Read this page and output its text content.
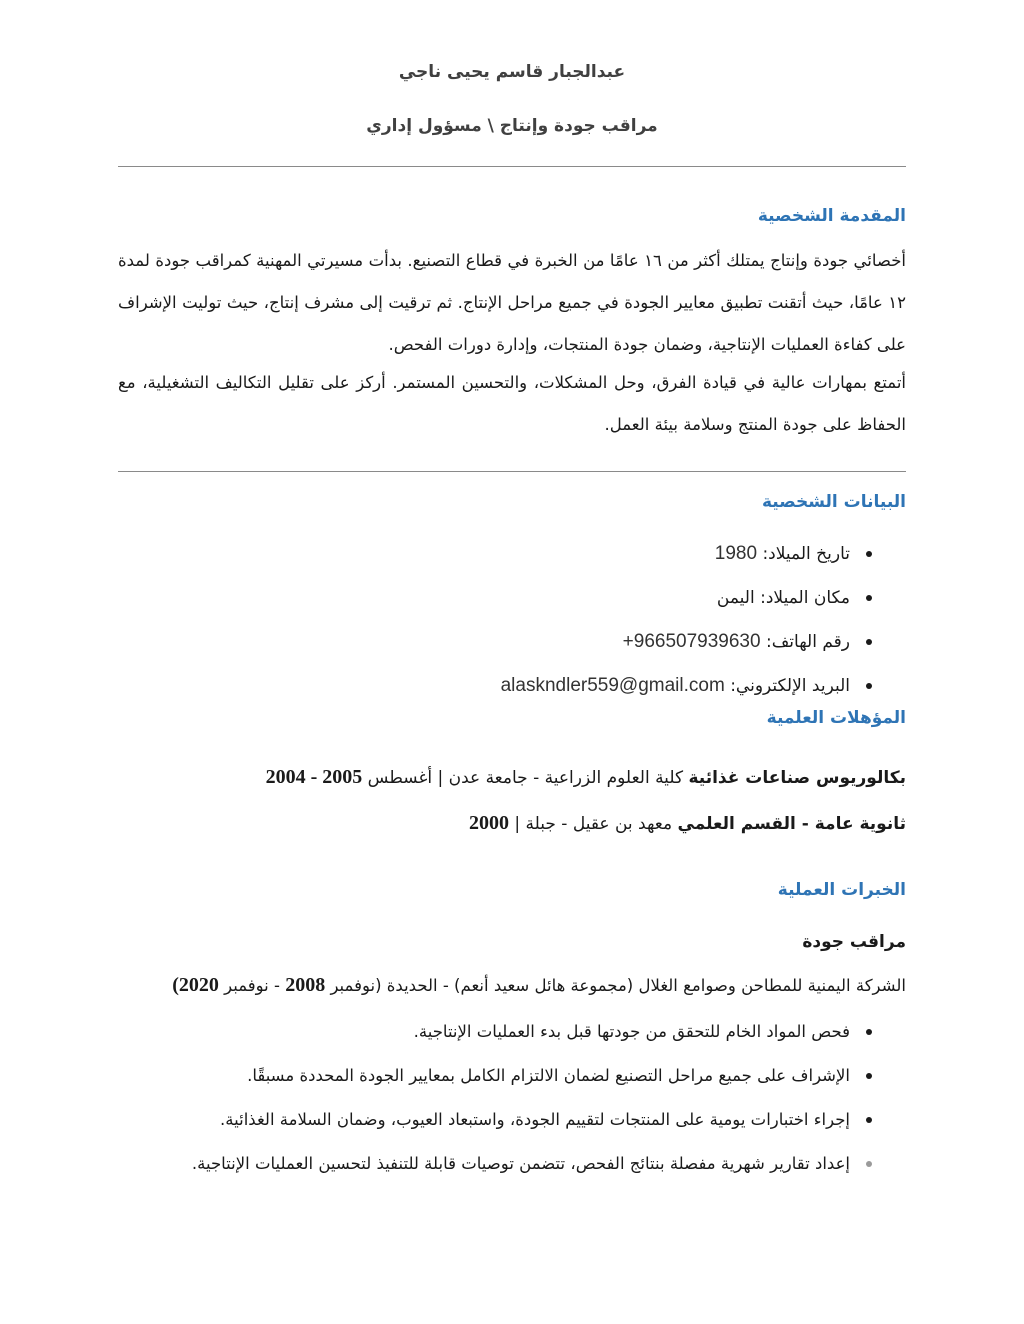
عبدالجبار قاسم يحيى ناجي
مراقب جودة وإنتاج \ مسؤول إداري
المقدمة الشخصية
أخصائي جودة وإنتاج يمتلك أكثر من ١٦ عامًا من الخبرة في قطاع التصنيع. بدأت مسيرتي المهنية كمراقب جودة لمدة ١٢ عامًا، حيث أتقنت تطبيق معايير الجودة في جميع مراحل الإنتاج. ثم ترقيت إلى مشرف إنتاج، حيث توليت الإشراف على كفاءة العمليات الإنتاجية، وضمان جودة المنتجات، وإدارة دورات الفحص.
أتمتع بمهارات عالية في قيادة الفرق، وحل المشكلات، والتحسين المستمر. أركز على تقليل التكاليف التشغيلية، مع الحفاظ على جودة المنتج وسلامة بيئة العمل.
البيانات الشخصية
تاريخ الميلاد: 1980
مكان الميلاد: اليمن
رقم الهاتف: +966507939630
البريد الإلكتروني: alaskndler559@gmail.com
المؤهلات العلمية
بكالوريوس صناعات غذائية كلية العلوم الزراعية - جامعة عدن | أغسطس 2004 - 2005
ثانوية عامة - القسم العلمي معهد بن عقيل - جبلة | 2000
الخبرات العملية
مراقب جودة
الشركة اليمنية للمطاحن وصوامع الغلال (مجموعة هائل سعيد أنعم) - الحديدة (نوفمبر 2008 - نوفمبر 2020)
فحص المواد الخام للتحقق من جودتها قبل بدء العمليات الإنتاجية.
الإشراف على جميع مراحل التصنيع لضمان الالتزام الكامل بمعايير الجودة المحددة مسبقًا.
إجراء اختبارات يومية على المنتجات لتقييم الجودة، واستبعاد العيوب، وضمان السلامة الغذائية.
إعداد تقارير شهرية مفصلة بنتائج الفحص، تتضمن توصيات قابلة للتنفيذ لتحسين العمليات الإنتاجية.
